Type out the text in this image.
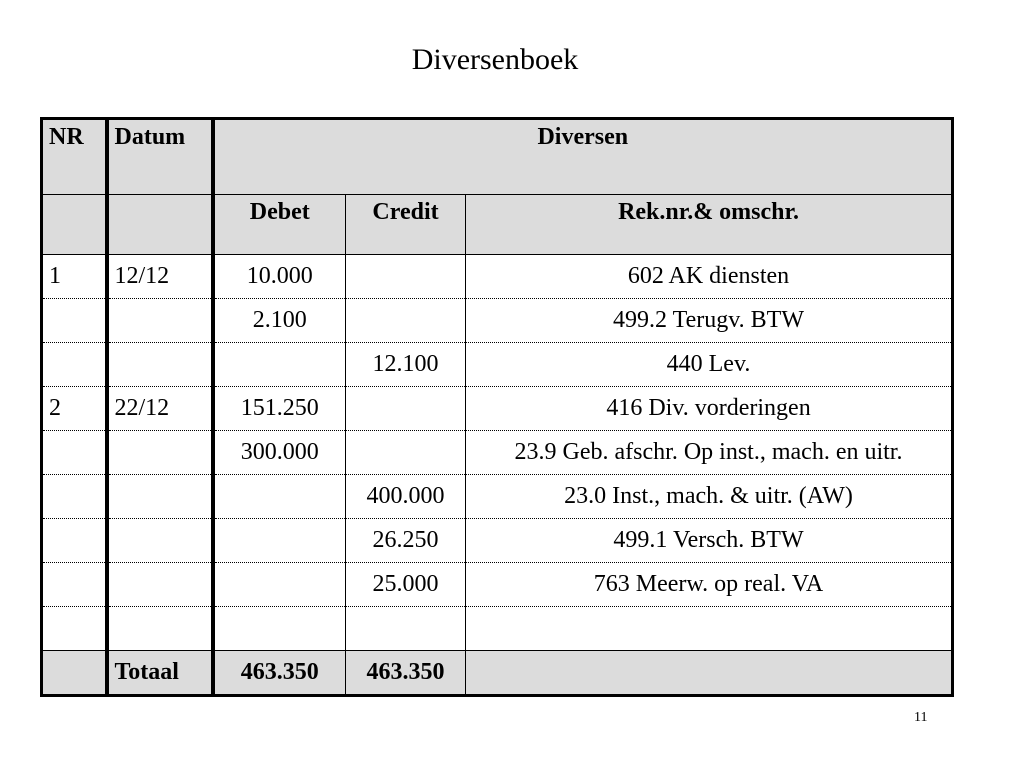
Diversenboek
NR	Datum	Diversen		
		Debet	Credit	Rek.nr.& omschr.
1	12/12	10.000		602 AK diensten
		2.100		499.2 Terugv. BTW
			12.100	440 Lev.
2	22/12	151.250		416 Div. vorderingen
		300.000		23.9 Geb. afschr. Op inst., mach. en uitr.
			400.000	23.0 Inst., mach. & uitr. (AW)
			26.250	499.1 Versch. BTW
			25.000	763 Meerw. op real. VA

	Totaal	463.350	463.350	
11
